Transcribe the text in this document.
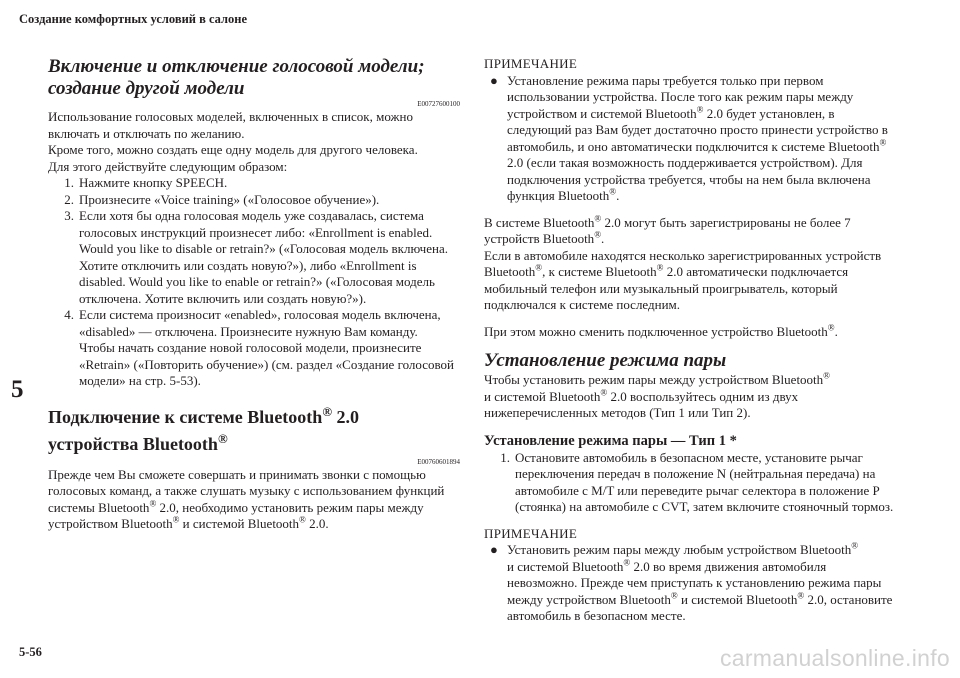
Создание комфортных условий в салоне
5
Включение и отключение голосовой модели; создание другой модели

E00727600100

Использование голосовых моделей, включенных в список, можно включать и отключать по желанию.

Кроме того, можно создать еще одну модель для другого человека.

Для этого действуйте следующим образом:

1. Нажмите кнопку SPEECH.
2. Произнесите «Voice training» («Голосовое обучение»).
3. Если хотя бы одна голосовая модель уже создавалась, система голосовых инструкций произнесет либо: «Enrollment is enabled. Would you like to disable or retrain?» («Голосовая модель включена. Хотите отключить или создать новую?»), либо «Enrollment is disabled. Would you like to enable or retrain?» («Голосовая модель отключена. Хотите включить или создать новую?»).
4. Если система произносит «enabled», голосовая модель включена, «disabled» — отключена. Произнесите нужную Вам команду.
Чтобы начать создание новой голосовой модели, произнесите «Retrain» («Повторить обучение») (см. раздел «Создание голосовой модели» на стр. 5-53).
Подключение к системе Bluetooth® 2.0
устройства Bluetooth®

E00760601894

Прежде чем Вы сможете совершать и принимать звонки с помощью голосовых команд, а также слушать музыку с использованием функций системы Bluetooth® 2.0, необходимо установить режим пары между устройством Bluetooth® и системой Bluetooth® 2.0.

ПРИМЕЧАНИЕ

● Установление режима пары требуется только при первом использовании устройства. После того как режим пары между устройством и системой Bluetooth® 2.0 будет установлен, в следующий раз Вам будет достаточно просто принести устройство в автомобиль, и оно автоматически подключится к системе Bluetooth® 2.0 (если такая возможность поддерживается устройством). Для подключения устройства требуется, чтобы на нем была включена функция Bluetooth®.

В системе Bluetooth® 2.0 могут быть зарегистрированы не более 7 устройств Bluetooth®.

Если в автомобиле находятся несколько зарегистрированных устройств Bluetooth®, к системе Bluetooth® 2.0 автоматически подключается мобильный телефон или музыкальный проигрыватель, который подключался к системе последним.

При этом можно сменить подключенное устройство Bluetooth®.

Установление режима пары

Чтобы установить режим пары между устройством Bluetooth®
и системой Bluetooth® 2.0 воспользуйтесь одним из двух нижеперечисленных методов (Тип 1 или Тип 2).

Установление режима пары — Тип 1 *
1. Остановите автомобиль в безопасном месте, установите рычаг переключения передач в положение N (нейтральная передача) на автомобиле с M/T или переведите рычаг селектора в положение P (стоянка) на автомобиле с CVT, затем включите стояночный тормоз.

ПРИМЕЧАНИЕ

● Установить режим пары между любым устройством Bluetooth®
и системой Bluetooth® 2.0 во время движения автомобиля невозможно. Прежде чем приступать к установлению режима пары между устройством Bluetooth® и системой Bluetooth® 2.0, остановите автомобиль в безопасном месте.
5-56	carmanualsonline.info
